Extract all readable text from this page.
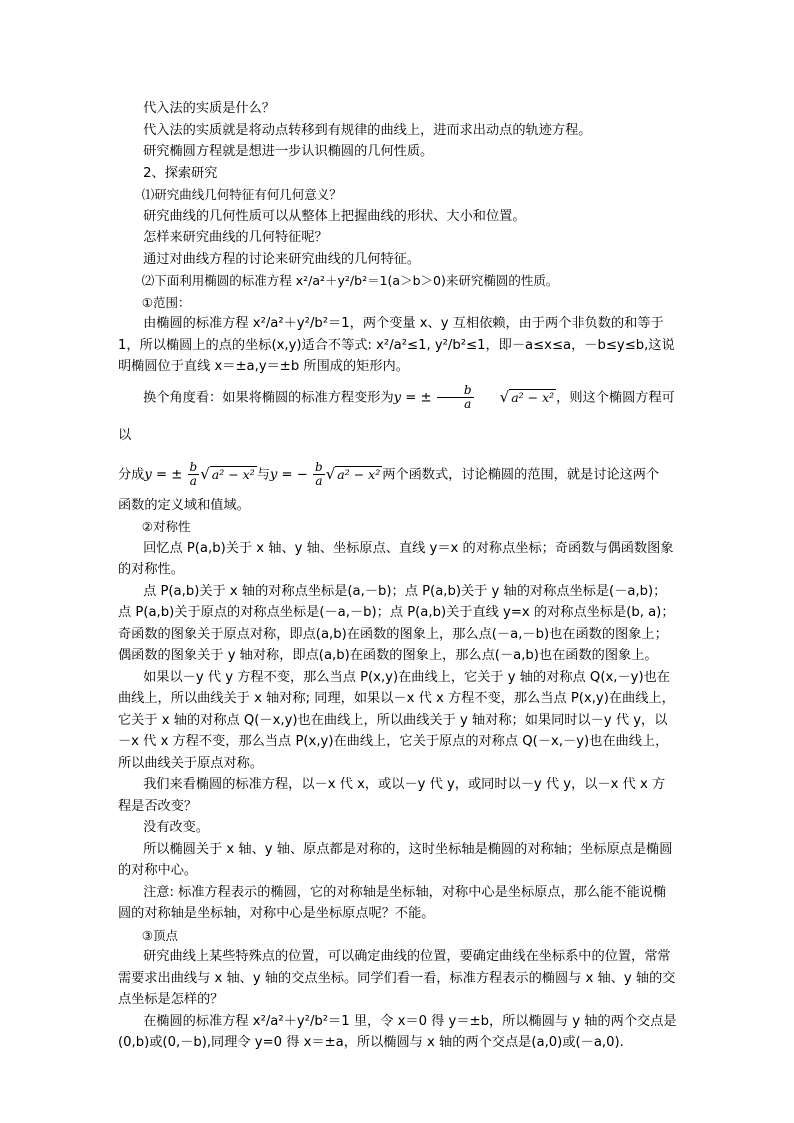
代入法的实质是什么？

代入法的实质就是将动点转移到有规律的曲线上，进而求出动点的轨迹方程。

研究椭圆方程就是想进一步认识椭圆的几何性质。

2、探索研究

⑴研究曲线几何特征有何几何意义？

研究曲线的几何性质可以从整体上把握曲线的形状、大小和位置。

怎样来研究曲线的几何特征呢？

通过对曲线方程的讨论来研究曲线的几何特征。

⑵下面利用椭圆的标准方程 x²/a²＋y²/b²＝1(a＞b＞0)来研究椭圆的性质。

①范围：

由椭圆的标准方程 x²/a²＋y²/b²＝1，两个变量 x、y 互相依赖，由于两个非负数的和等于 1，所以椭圆上的点的坐标(x,y)适合不等式: x²/a²≤1, y²/b²≤1，即－a≤x≤a，－b≤y≤b,这说明椭圆位于直线 x＝±a,y＝±b 所围成的矩形内。

换个角度看：如果将椭圆的标准方程变形为y = ± $\frac{b}{a}$ √ a² − x² ，则这个椭圆方程可以

分成y = ± $\frac{b}{a}$ √ a² − x² 与y = − $\frac{b}{a}$ √ a² − x² 两个函数式，讨论椭圆的范围，就是讨论这两个

函数的定义域和值域。

②对称性

回忆点 P(a,b)关于 x 轴、y 轴、坐标原点、直线 y＝x 的对称点坐标；奇函数与偶函数图象的对称性。

点 P(a,b)关于 x 轴的对称点坐标是(a,－b)；点 P(a,b)关于 y 轴的对称点坐标是(－a,b)；点 P(a,b)关于原点的对称点坐标是(－a,－b)；点 P(a,b)关于直线 y=x 的对称点坐标是(b, a)；奇函数的图象关于原点对称，即点(a,b)在函数的图象上，那么点(－a,－b)也在函数的图象上；偶函数的图象关于 y 轴对称，即点(a,b)在函数的图象上，那么点(－a,b)也在函数的图象上。

如果以－y 代 y 方程不变，那么当点 P(x,y)在曲线上，它关于 y 轴的对称点 Q(x,－y)也在曲线上，所以曲线关于 x 轴对称; 同理，如果以－x 代 x 方程不变，那么当点 P(x,y)在曲线上，它关于 x 轴的对称点 Q(－x,y)也在曲线上，所以曲线关于 y 轴对称；如果同时以－y 代 y，以－x 代 x 方程不变，那么当点 P(x,y)在曲线上，它关于原点的对称点 Q(－x,－y)也在曲线上，所以曲线关于原点对称。

我们来看椭圆的标准方程，以－x 代 x，或以－y 代 y，或同时以－y 代 y，以－x 代 x 方程是否改变？

没有改变。

所以椭圆关于 x 轴、y 轴、原点都是对称的，这时坐标轴是椭圆的对称轴；坐标原点是椭圆的对称中心。

注意: 标准方程表示的椭圆，它的对称轴是坐标轴，对称中心是坐标原点，那么能不能说椭圆的对称轴是坐标轴，对称中心是坐标原点呢？不能。

③顶点

研究曲线上某些特殊点的位置，可以确定曲线的位置，要确定曲线在坐标系中的位置，常常需要求出曲线与 x 轴、y 轴的交点坐标。同学们看一看，标准方程表示的椭圆与 x 轴、y 轴的交点坐标是怎样的？

在椭圆的标准方程 x²/a²＋y²/b²＝1 里，令 x＝0 得 y＝±b，所以椭圆与 y 轴的两个交点是(0,b)或(0,－b),同理令 y=0 得 x＝±a，所以椭圆与 x 轴的两个交点是(a,0)或(－a,0).
